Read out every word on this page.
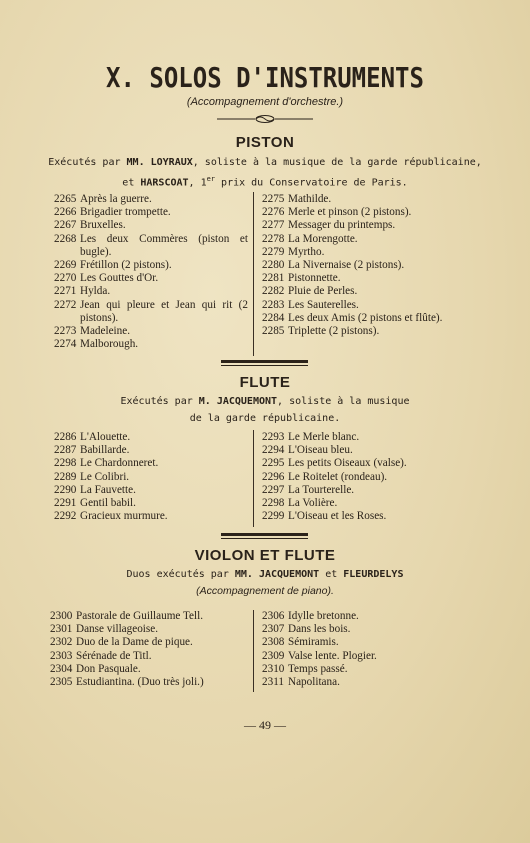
X. SOLOS D'INSTRUMENTS
(Accompagnement d'orchestre.)
PISTON
Exécutés par MM. LOYRAUX, soliste à la musique de la garde républicaine,
et HARSCOAT, 1er prix du Conservatoire de Paris.
2265 Après la guerre.
2266 Brigadier trompette.
2267 Bruxelles.
2268 Les deux Commères (piston et bugle).
2269 Frétillon (2 pistons).
2270 Les Gouttes d'Or.
2271 Hylda.
2272 Jean qui pleure et Jean qui rit (2 pistons).
2273 Madeleine.
2274 Malborough.
2275 Mathilde.
2276 Merle et pinson (2 pistons).
2277 Messager du printemps.
2278 La Morengotte.
2279 Myrtho.
2280 La Nivernaise (2 pistons).
2281 Pistonnette.
2282 Pluie de Perles.
2283 Les Sauterelles.
2284 Les deux Amis (2 pistons et flûte).
2285 Triplette (2 pistons).
FLUTE
Exécutés par M. JACQUEMONT, soliste à la musique
de la garde républicaine.
2286 L'Alouette.
2287 Babillarde.
2298 Le Chardonneret.
2289 Le Colibri.
2290 La Fauvette.
2291 Gentil babil.
2292 Gracieux murmure.
2293 Le Merle blanc.
2294 L'Oiseau bleu.
2295 Les petits Oiseaux (valse).
2296 Le Roitelet (rondeau).
2297 La Tourterelle.
2298 La Volière.
2299 L'Oiseau et les Roses.
VIOLON ET FLUTE
Duos exécutés par MM. JACQUEMONT et FLEURDELYS
(Accompagnement de piano).
2300 Pastorale de Guillaume Tell.
2301 Danse villageoise.
2302 Duo de la Dame de pique.
2303 Sérénade de Titl.
2304 Don Pasquale.
2305 Estudiantina. (Duo très joli.)
2306 Idylle bretonne.
2307 Dans les bois.
2308 Sémiramis.
2309 Valse lente. Plogier.
2310 Temps passé.
2311 Napolitana.
— 49 —
